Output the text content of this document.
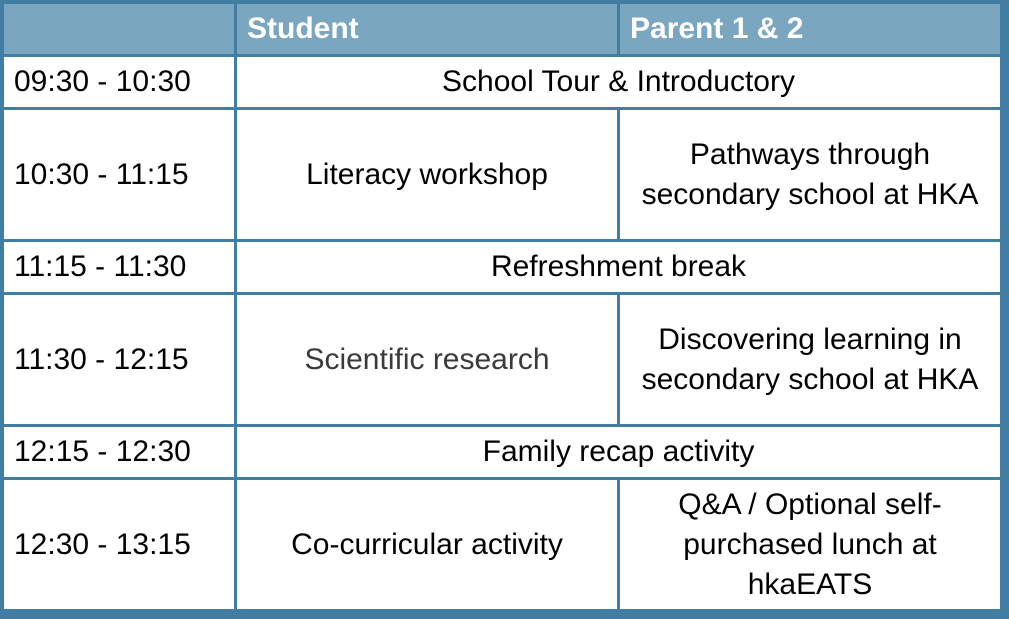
	Student	Parent 1 & 2
09:30 - 10:30	School Tour & Introductory	
10:30 - 11:15	Literacy workshop	Pathways through secondary school at HKA
11:15 - 11:30	Refreshment break	
11:30 - 12:15	Scientific research	Discovering learning in secondary school at HKA
12:15 - 12:30	Family recap activity	
12:30 - 13:15	Co-curricular activity	Q&A / Optional self-purchased lunch at hkaEATS
